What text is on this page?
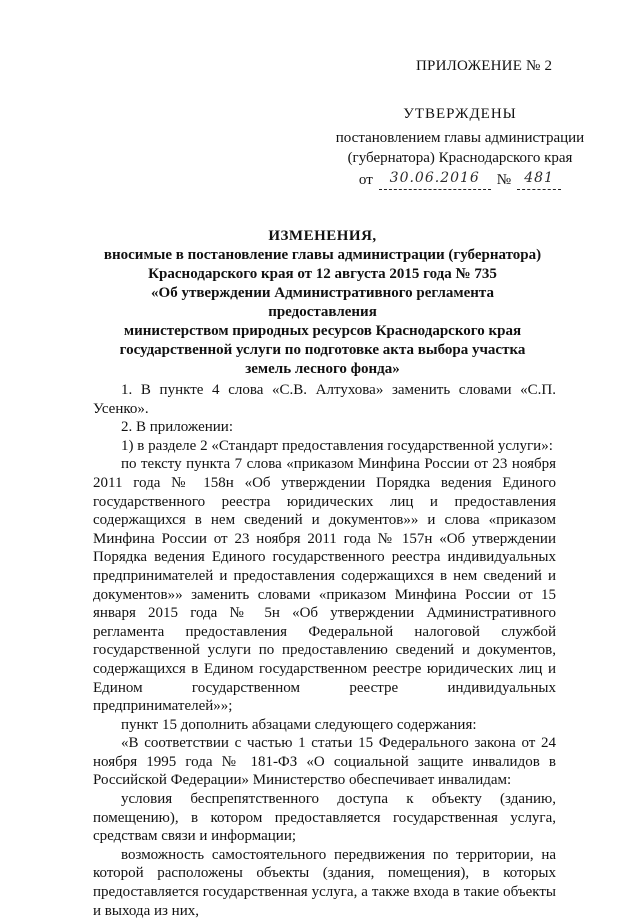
ПРИЛОЖЕНИЕ № 2
УТВЕРЖДЕНЫ
постановлением главы администрации
(губернатора) Краснодарского края
от	30.06.2016	№ 481
ИЗМЕНЕНИЯ,
вносимые в постановление главы администрации (губернатора)
Краснодарского края от 12 августа 2015 года № 735
«Об утверждении Административного регламента предоставления
министерством природных ресурсов Краснодарского края
государственной услуги по подготовке акта выбора участка
земель лесного фонда»

1. В пункте 4 слова «С.В. Алтухова» заменить словами «С.П. Усенко».

2. В приложении:

1) в разделе 2 «Стандарт предоставления государственной услуги»:

по тексту пункта 7 слова «приказом Минфина России от 23 ноября 2011 года № 158н «Об утверждении Порядка ведения Единого государственного реестра юридических лиц и предоставления содержащихся в нем сведений и документов»» и слова «приказом Минфина России от 23 ноября 2011 года № 157н «Об утверждении Порядка ведения Единого государственного реестра индивидуальных предпринимателей и предоставления содержащихся в нем сведений и документов»» заменить словами «приказом Минфина России от 15 января 2015 года № 5н «Об утверждении Административного регламента предоставления Федеральной налоговой службой государственной услуги по предоставлению сведений и документов, содержащихся в Едином государственном реестре юридических лиц и Едином государственном реестре индивидуальных предпринимателей»»;

пункт 15 дополнить абзацами следующего содержания:

«В соответствии с частью 1 статьи 15 Федерального закона от 24 ноября 1995 года № 181-ФЗ «О социальной защите инвалидов в Российской Федерации» Министерство обеспечивает инвалидам:

условия беспрепятственного доступа к объекту (зданию, помещению), в котором предоставляется государственная услуга, средствам связи и информации;

возможность самостоятельного передвижения по территории, на которой расположены объекты (здания, помещения), в которых предоставляется государственная услуга, а также входа в такие объекты и выхода из них,
